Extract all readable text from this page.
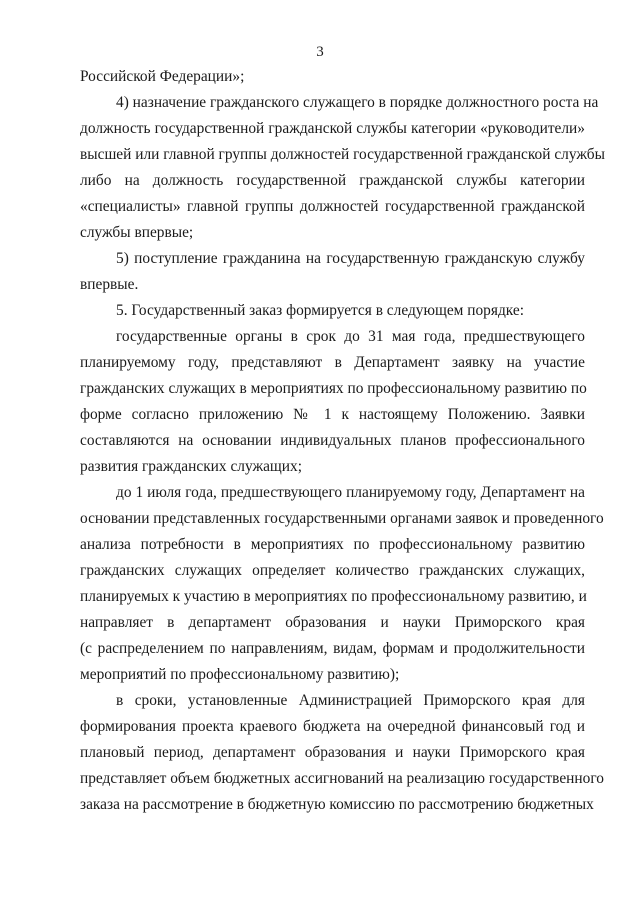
3
Российской Федерации»;
4) назначение гражданского служащего в порядке должностного роста на
должность государственной гражданской службы категории «руководители»
высшей или главной группы должностей государственной гражданской службы
либо на должность государственной гражданской службы категории
«специалисты» главной группы должностей государственной гражданской
службы впервые;
5) поступление гражданина на государственную гражданскую службу
впервые.
5. Государственный заказ формируется в следующем порядке:
государственные органы в срок до 31 мая года, предшествующего
планируемому году, представляют в Департамент заявку на участие
гражданских служащих в мероприятиях по профессиональному развитию по
форме согласно приложению № 1 к настоящему Положению. Заявки
составляются на основании индивидуальных планов профессионального
развития гражданских служащих;
до 1 июля года, предшествующего планируемому году, Департамент на
основании представленных государственными органами заявок и проведенного
анализа потребности в мероприятиях по профессиональному развитию
гражданских служащих определяет количество гражданских служащих,
планируемых к участию в мероприятиях по профессиональному развитию, и
направляет в департамент образования и науки Приморского края
(с распределением по направлениям, видам, формам и продолжительности
мероприятий по профессиональному развитию);
в сроки, установленные Администрацией Приморского края для
формирования проекта краевого бюджета на очередной финансовый год и
плановый период, департамент образования и науки Приморского края
представляет объем бюджетных ассигнований на реализацию государственного
заказа на рассмотрение в бюджетную комиссию по рассмотрению бюджетных
